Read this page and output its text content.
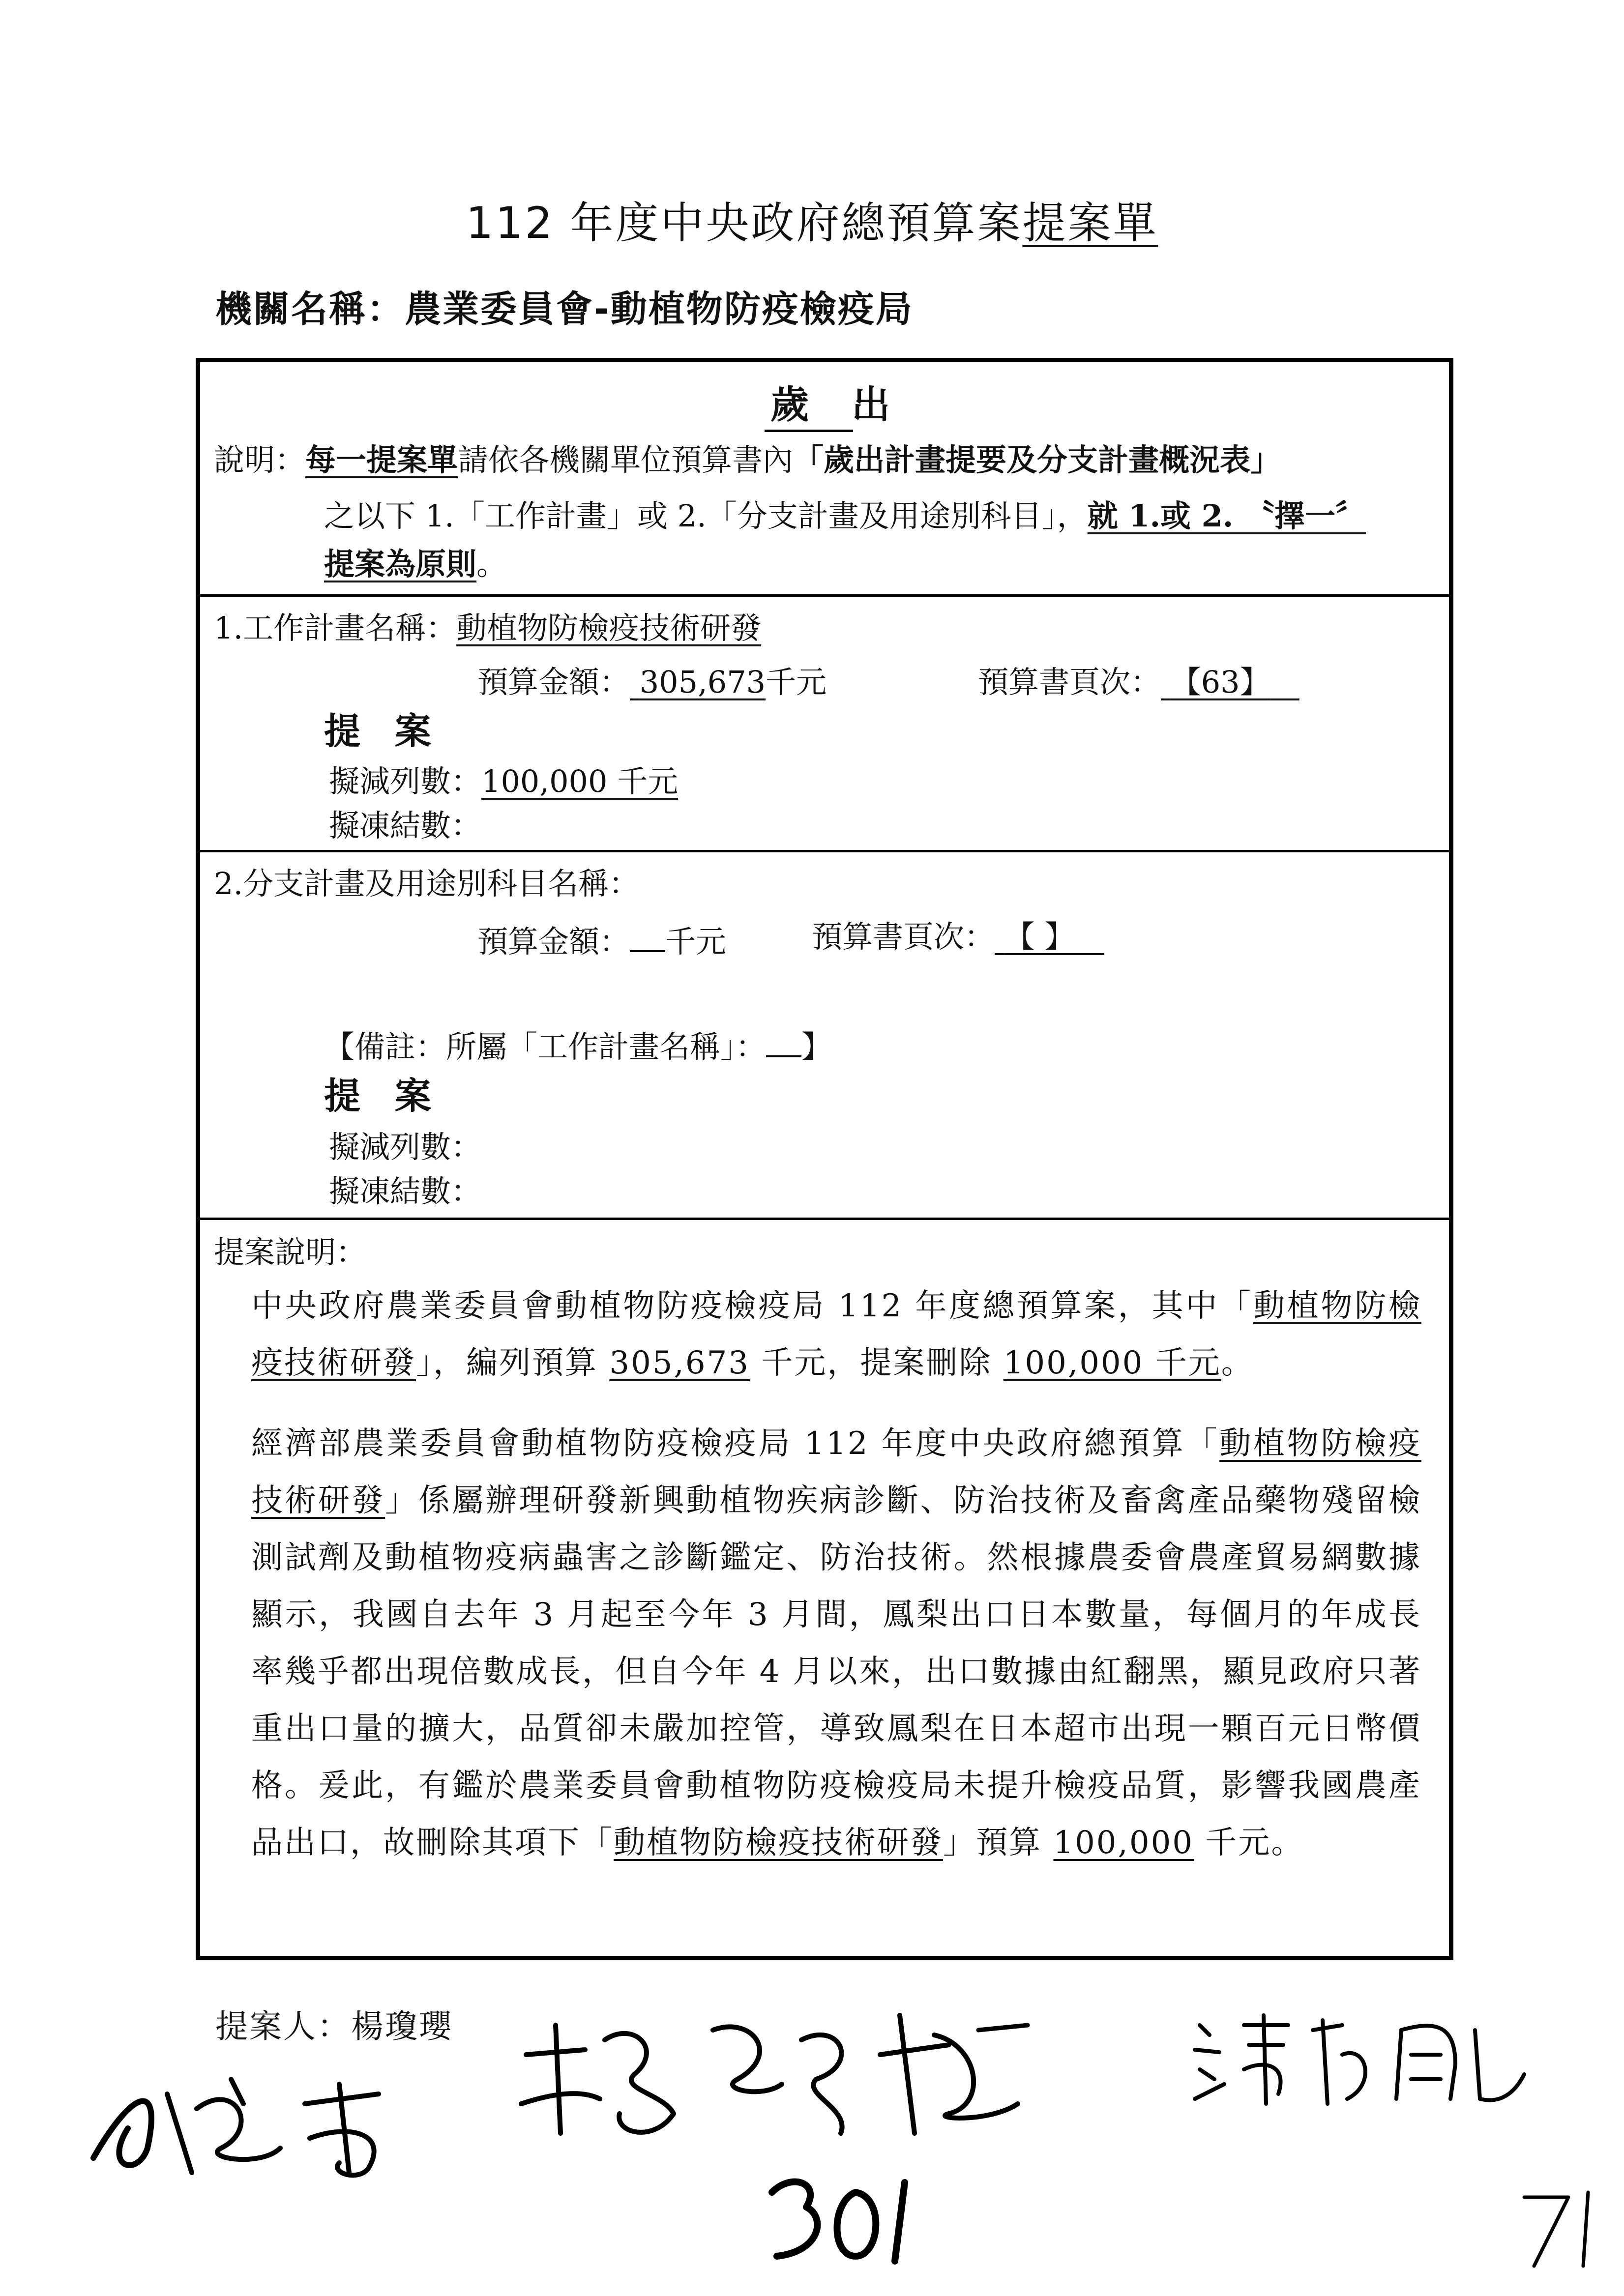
112 年度中央政府總預算案提案單
機關名稱：農業委員會-動植物防疫檢疫局
歲 出
說明：每一提案單請依各機關單位預算書內「歲出計畫提要及分支計畫概況表」
之以下 1.「工作計畫」或 2.「分支計畫及用途別科目」，就 1.或 2. 〝擇一〞
提案為原則。
1.工作計畫名稱：動植物防檢疫技術研發
預算金額： 305,673千元	預算書頁次： 【63】
提 案
擬減列數：100,000 千元
擬凍結數：
2.分支計畫及用途別科目名稱：
預算金額： 千元	預算書頁次： 【 】
【備註：所屬「工作計畫名稱」： 】
提 案
擬減列數：
擬凍結數：
提案說明：
中央政府農業委員會動植物防疫檢疫局 112 年度總預算案，其中「動植物防檢疫技術研發」，編列預算 305,673 千元，提案刪除 100,000 千元。
經濟部農業委員會動植物防疫檢疫局 112 年度中央政府總預算「動植物防檢疫技術研發」係屬辦理研發新興動植物疾病診斷、防治技術及畜禽產品藥物殘留檢測試劑及動植物疫病蟲害之診斷鑑定、防治技術。然根據農委會農產貿易網數據顯示，我國自去年 3 月起至今年 3 月間，鳳梨出口日本數量，每個月的年成長率幾乎都出現倍數成長，但自今年 4 月以來，出口數據由紅翻黑，顯見政府只著重出口量的擴大，品質卻未嚴加控管，導致鳳梨在日本超市出現一顆百元日幣價格。爰此，有鑑於農業委員會動植物防疫檢疫局未提升檢疫品質，影響我國農產品出口，故刪除其項下「動植物防檢疫技術研發」預算 100,000 千元。
提案人：楊瓊瓔
301	71
